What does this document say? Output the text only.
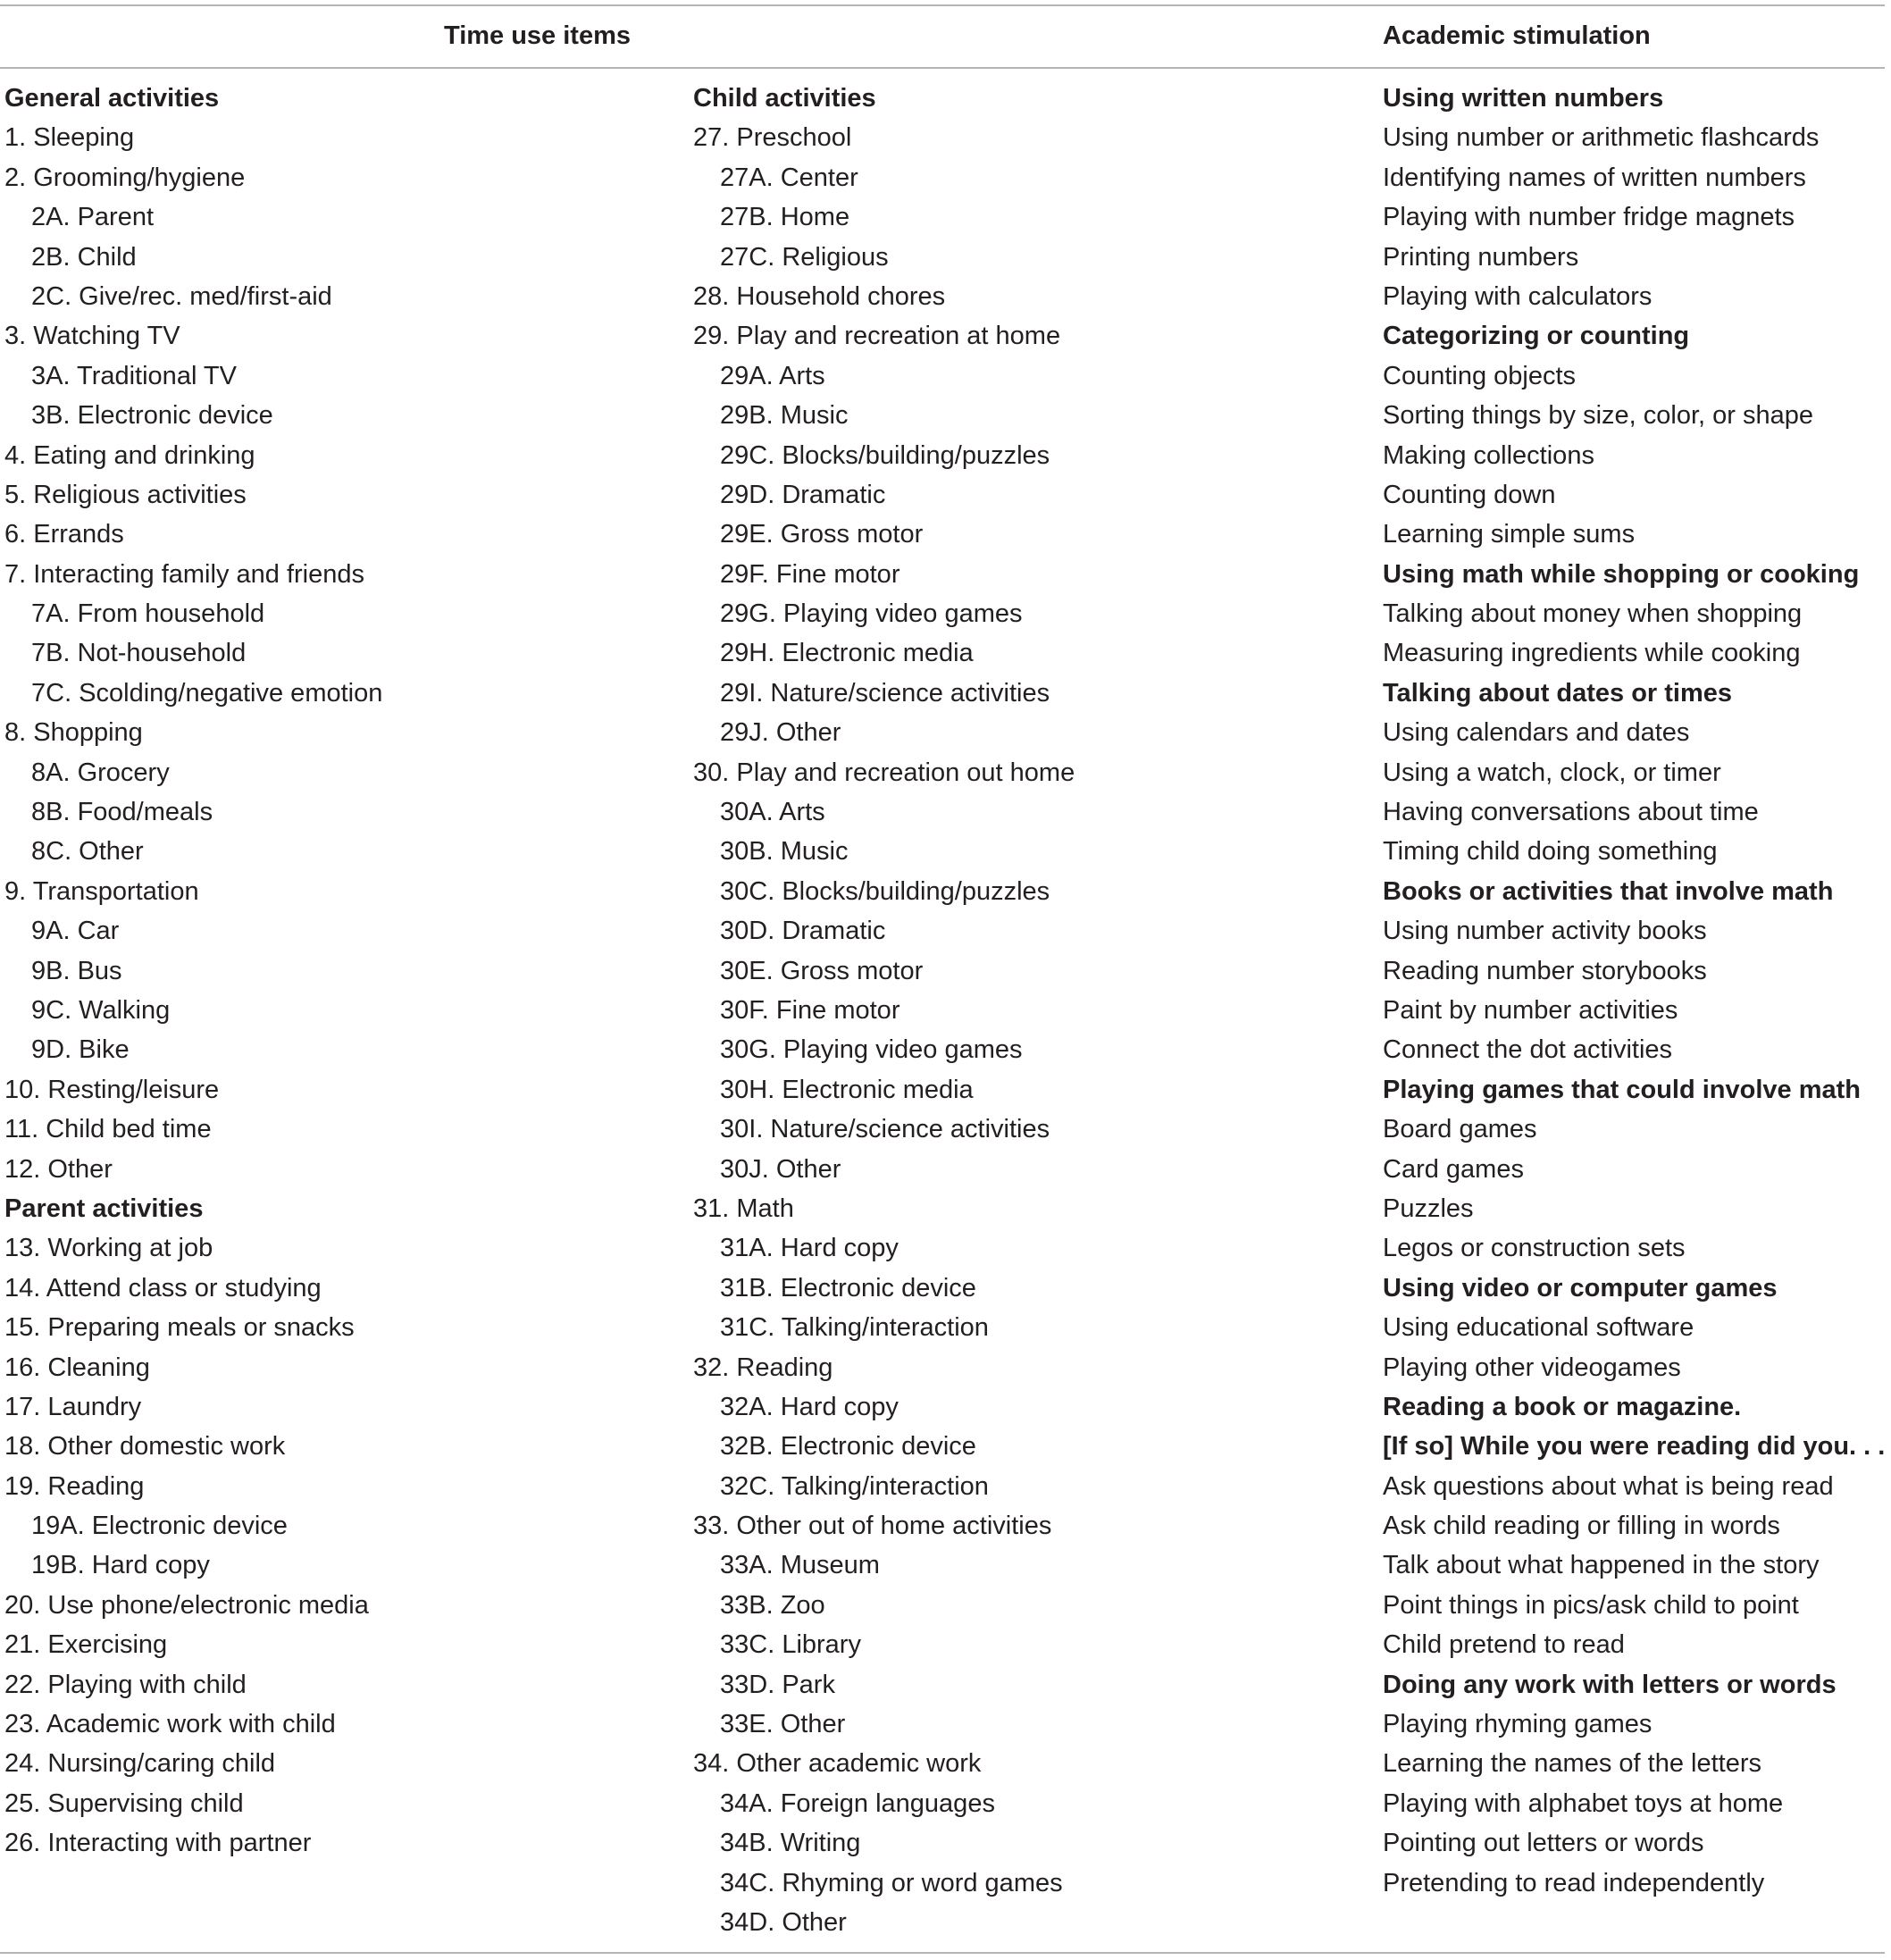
Time use items	Academic stimulation
General activities
1. Sleeping
2. Grooming/hygiene
2A. Parent
2B. Child
2C. Give/rec. med/first-aid
3. Watching TV
3A. Traditional TV
3B. Electronic device
4. Eating and drinking
5. Religious activities
6. Errands
7. Interacting family and friends
7A. From household
7B. Not-household
7C. Scolding/negative emotion
8. Shopping
8A. Grocery
8B. Food/meals
8C. Other
9. Transportation
9A. Car
9B. Bus
9C. Walking
9D. Bike
10. Resting/leisure
11. Child bed time
12. Other
Parent activities
13. Working at job
14. Attend class or studying
15. Preparing meals or snacks
16. Cleaning
17. Laundry
18. Other domestic work
19. Reading
19A. Electronic device
19B. Hard copy
20. Use phone/electronic media
21. Exercising
22. Playing with child
23. Academic work with child
24. Nursing/caring child
25. Supervising child
26. Interacting with partner
Child activities
27. Preschool
27A. Center
27B. Home
27C. Religious
28. Household chores
29. Play and recreation at home
29A. Arts
29B. Music
29C. Blocks/building/puzzles
29D. Dramatic
29E. Gross motor
29F. Fine motor
29G. Playing video games
29H. Electronic media
29I. Nature/science activities
29J. Other
30. Play and recreation out home
30A. Arts
30B. Music
30C. Blocks/building/puzzles
30D. Dramatic
30E. Gross motor
30F. Fine motor
30G. Playing video games
30H. Electronic media
30I. Nature/science activities
30J. Other
31. Math
31A. Hard copy
31B. Electronic device
31C. Talking/interaction
32. Reading
32A. Hard copy
32B. Electronic device
32C. Talking/interaction
33. Other out of home activities
33A. Museum
33B. Zoo
33C. Library
33D. Park
33E. Other
34. Other academic work
34A. Foreign languages
34B. Writing
34C. Rhyming or word games
34D. Other
Using written numbers
Using number or arithmetic flashcards
Identifying names of written numbers
Playing with number fridge magnets
Printing numbers
Playing with calculators
Categorizing or counting
Counting objects
Sorting things by size, color, or shape
Making collections
Counting down
Learning simple sums
Using math while shopping or cooking
Talking about money when shopping
Measuring ingredients while cooking
Talking about dates or times
Using calendars and dates
Using a watch, clock, or timer
Having conversations about time
Timing child doing something
Books or activities that involve math
Using number activity books
Reading number storybooks
Paint by number activities
Connect the dot activities
Playing games that could involve math
Board games
Card games
Puzzles
Legos or construction sets
Using video or computer games
Using educational software
Playing other videogames
Reading a book or magazine.
[If so] While you were reading did you. . .
Ask questions about what is being read
Ask child reading or filling in words
Talk about what happened in the story
Point things in pics/ask child to point
Child pretend to read
Doing any work with letters or words
Playing rhyming games
Learning the names of the letters
Playing with alphabet toys at home
Pointing out letters or words
Pretending to read independently
